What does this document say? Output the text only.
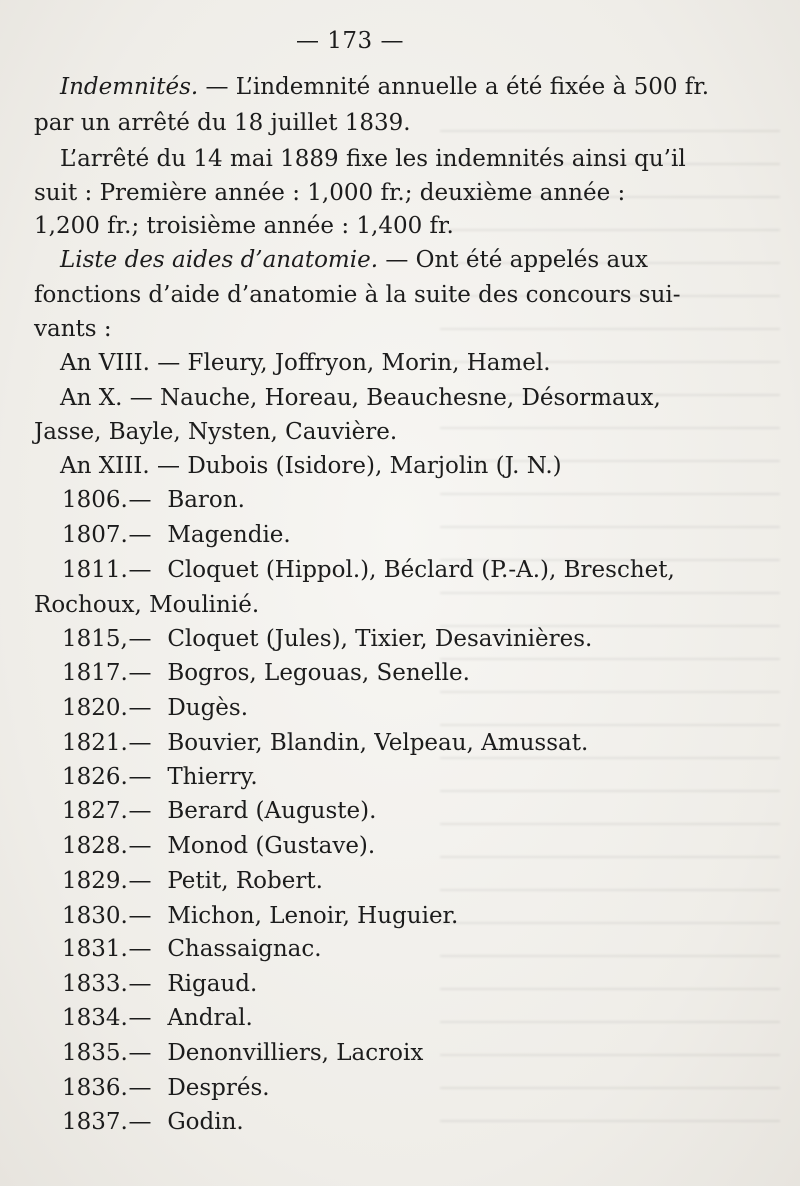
— 173 —
Indemnités. — L’indemnité annuelle a été fixée à 500 fr.
par un arrêté du 18 juillet 1839.
L’arrêté du 14 mai 1889 fixe les indemnités ainsi qu’il
suit : Première année : 1,000 fr.; deuxième année :
1,200 fr.; troisième année : 1,400 fr.
Liste des aides d’anatomie. — Ont été appelés aux
fonctions d’aide d’anatomie à la suite des concours sui-
vants :
An VIII. — Fleury, Joffryon, Morin, Hamel.
An X. — Nauche, Horeau, Beauchesne, Désormaux,
Jasse, Bayle, Nysten, Cauvière.
An XIII. — Dubois (Isidore), Marjolin (J. N.)
1806.— Baron.
1807.— Magendie.
1811.— Cloquet (Hippol.), Béclard (P.-A.), Breschet,
Rochoux, Moulinié.
1815,— Cloquet (Jules), Tixier, Desavinières.
1817.— Bogros, Legouas, Senelle.
1820.— Dugès.
1821.— Bouvier, Blandin, Velpeau, Amussat.
1826.— Thierry.
1827.— Berard (Auguste).
1828.— Monod (Gustave).
1829.— Petit, Robert.
1830.— Michon, Lenoir, Huguier.
1831.— Chassaignac.
1833.— Rigaud.
1834.— Andral.
1835.— Denonvilliers, Lacroix
1836.— Després.
1837.— Godin.
